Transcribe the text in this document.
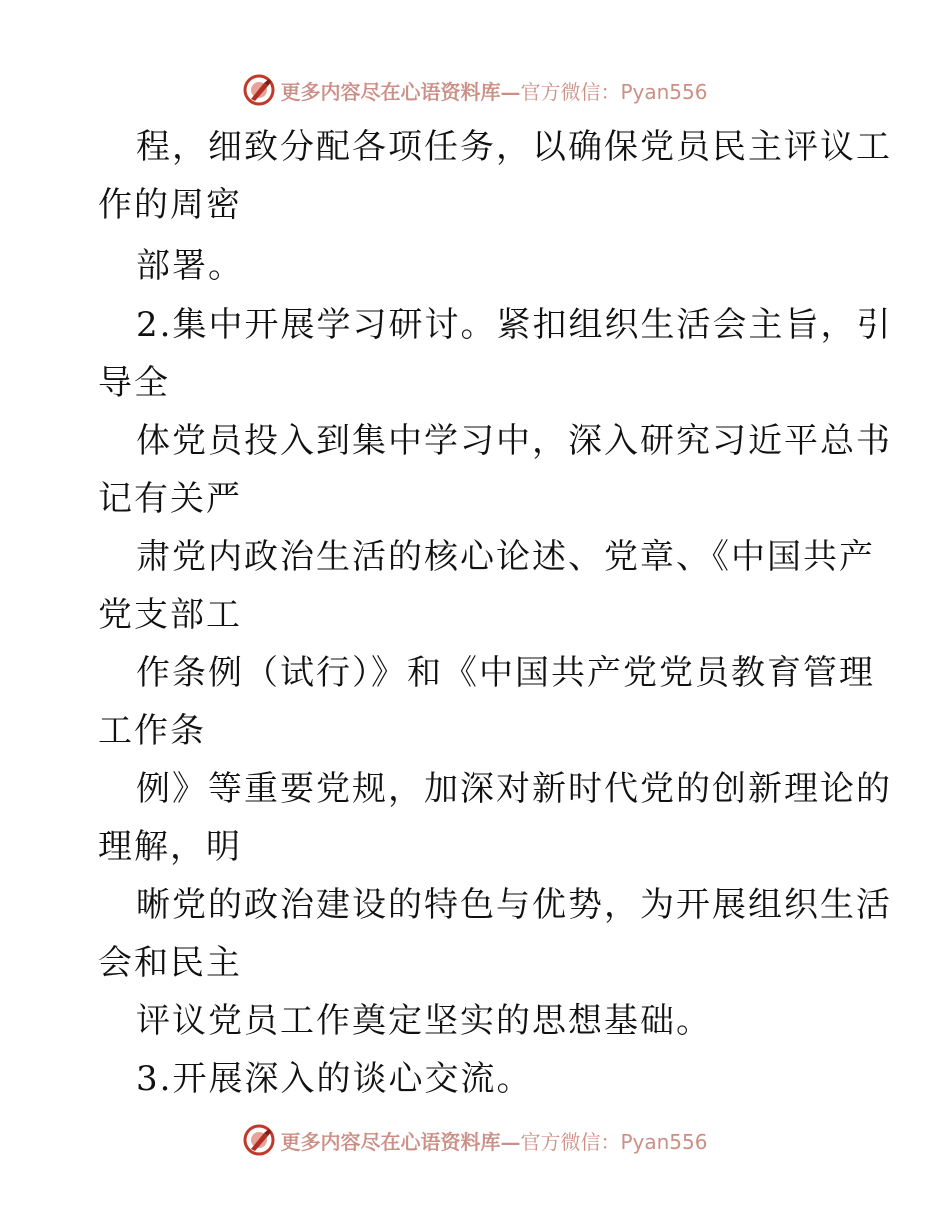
更多内容尽在心语资料库—官方微信：Pyan556
程，细致分配各项任务，以确保党员民主评议工
作的周密
部署。
2.集中开展学习研讨。紧扣组织生活会主旨，引
导全
体党员投入到集中学习中，深入研究习近平总书
记有关严
肃党内政治生活的核心论述、党章、《中国共产
党支部工
作条例（试行）》和《中国共产党党员教育管理
工作条
例》等重要党规，加深对新时代党的创新理论的
理解，明
晰党的政治建设的特色与优势，为开展组织生活
会和民主
评议党员工作奠定坚实的思想基础。
3.开展深入的谈心交流。
更多内容尽在心语资料库—官方微信：Pyan556
